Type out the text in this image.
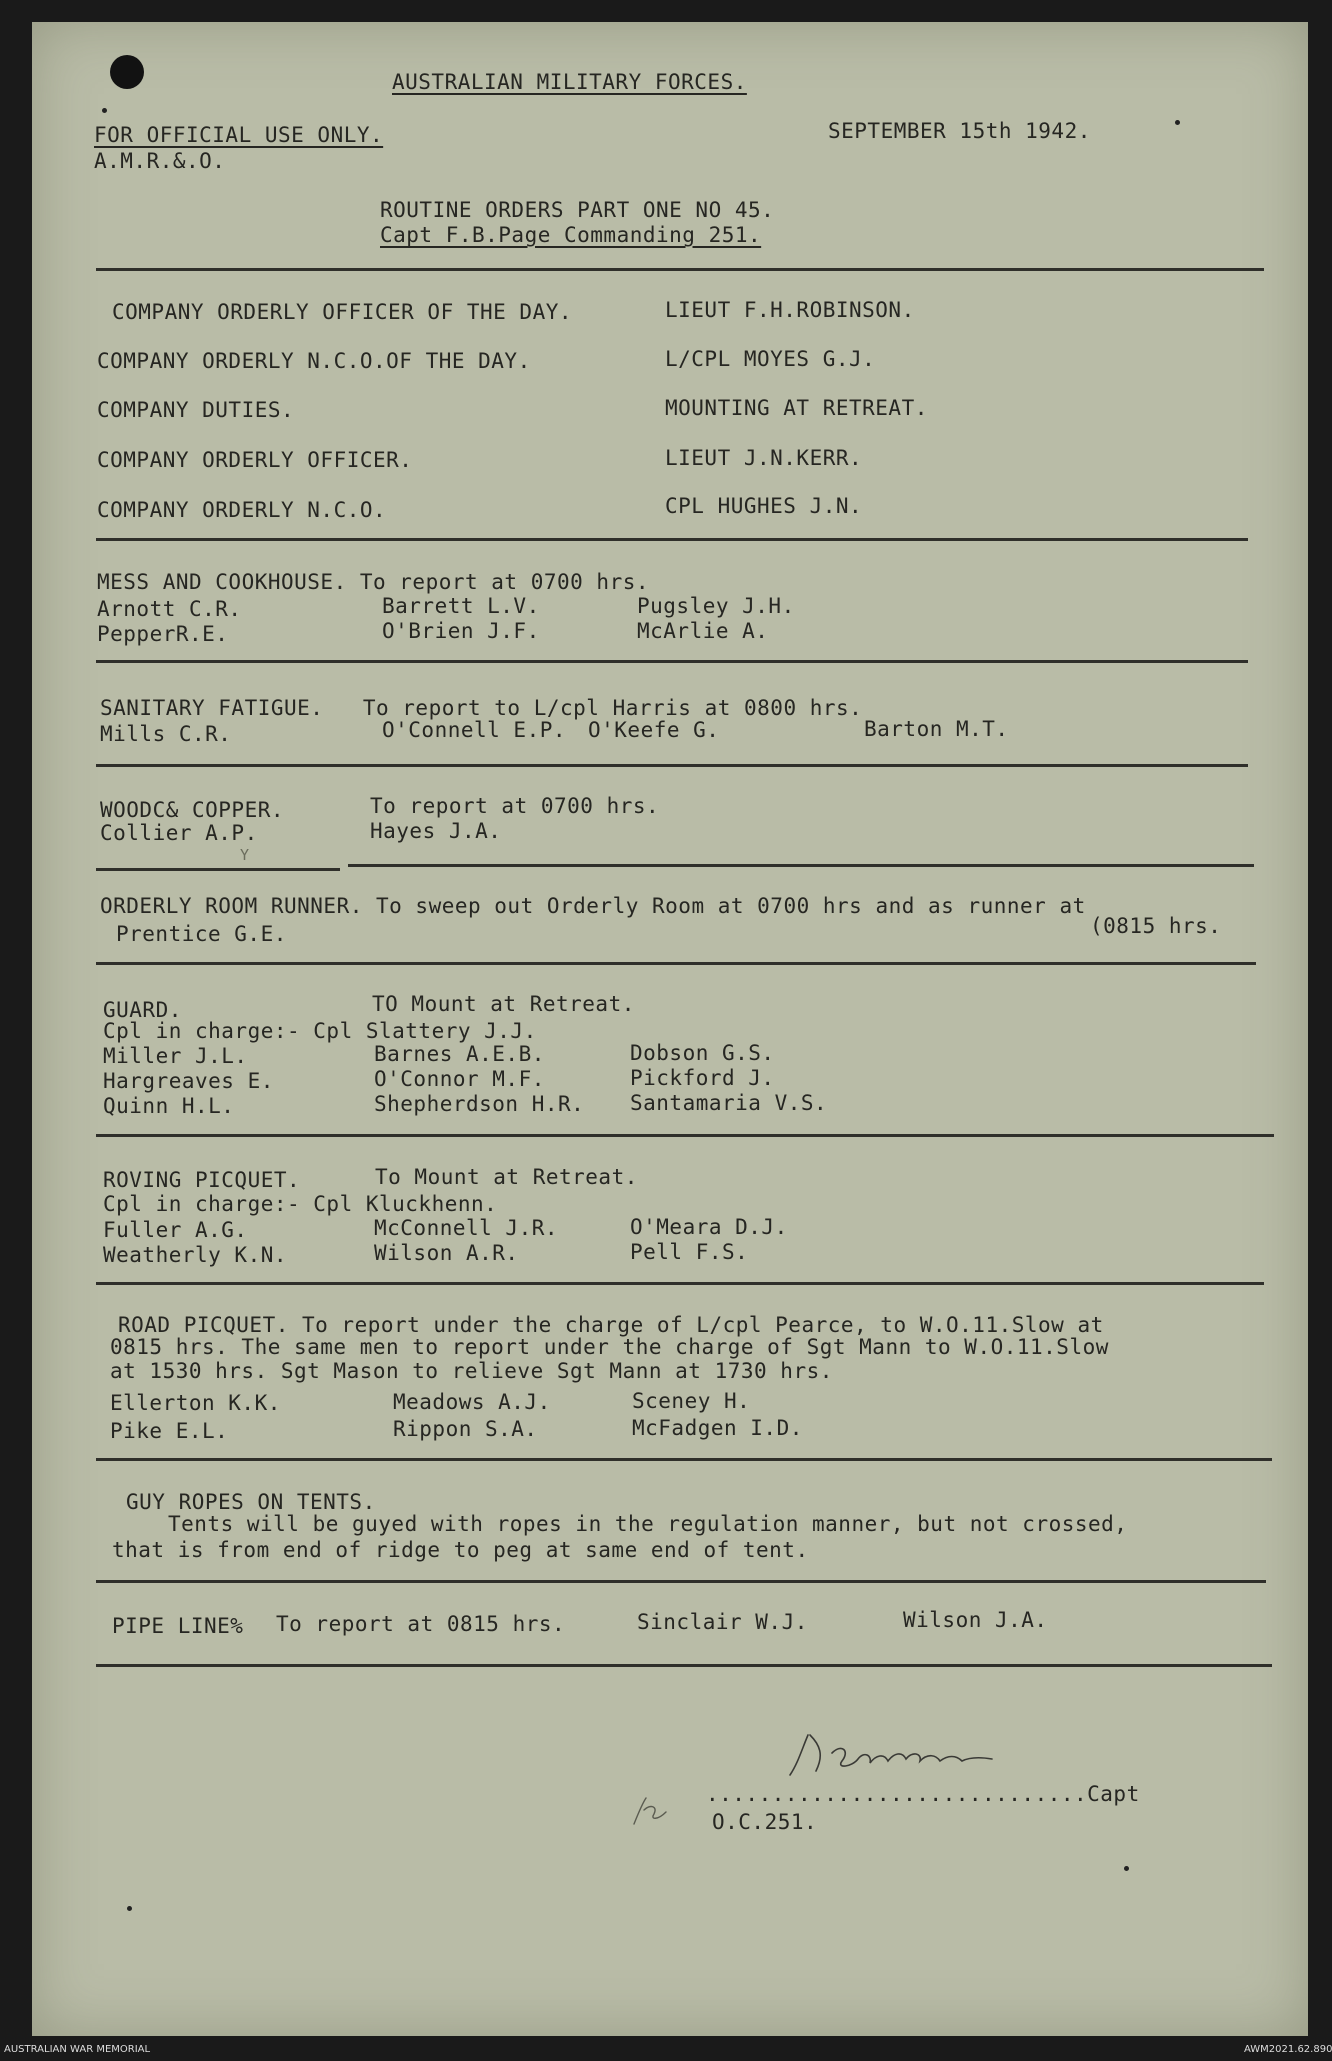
AUSTRALIAN MILITARY FORCES.
FOR OFFICIAL USE ONLY.	SEPTEMBER 15th 1942.
A.M.R.&.O.
ROUTINE ORDERS PART ONE NO 45.
Capt F.B.Page Commanding 251.
COMPANY ORDERLY OFFICER OF THE DAY.	LIEUT F.H.ROBINSON.
COMPANY ORDERLY N.C.O.OF THE DAY.	L/CPL MOYES G.J.
COMPANY DUTIES.	MOUNTING AT RETREAT.
COMPANY ORDERLY OFFICER.	LIEUT J.N.KERR.
COMPANY ORDERLY N.C.O.	CPL HUGHES J.N.
MESS AND COOKHOUSE. To report at 0700 hrs.
Arnott C.R.	Barrett L.V.	Pugsley J.H.
PepperR.E.	O'Brien J.F.	McArlie A.
SANITARY FATIGUE.   To report to L/cpl Harris at 0800 hrs.
Mills C.R.	O'Connell E.P. O'Keefe G.	Barton M.T.
WOODC& COPPER.	To report at 0700 hrs.
Collier A.P.	Hayes J.A.
Y
ORDERLY ROOM RUNNER. To sweep out Orderly Room at 0700 hrs and as runner at
Prentice G.E.	(0815 hrs.
GUARD.	TO Mount at Retreat.
Cpl in charge:- Cpl Slattery J.J.
Miller J.L.	Barnes A.E.B.	Dobson G.S.
Hargreaves E.	O'Connor M.F.	Pickford J.
Quinn H.L.	Shepherdson H.R. Santamaria V.S.
ROVING PICQUET.	To Mount at Retreat.
Cpl in charge:- Cpl Kluckhenn.
Fuller A.G.	McConnell J.R.	O'Meara D.J.
Weatherly K.N.	Wilson A.R.	Pell F.S.
ROAD PICQUET. To report under the charge of L/cpl Pearce, to W.O.11.Slow at
0815 hrs. The same men to report under the charge of Sgt Mann to W.O.11.Slow
at 1530 hrs. Sgt Mason to relieve Sgt Mann at 1730 hrs.
Ellerton K.K.	Meadows A.J.	Sceney H.
Pike E.L.	Rippon S.A.	McFadgen I.D.
GUY ROPES ON TENTS.
Tents will be guyed with ropes in the regulation manner, but not crossed,
that is from end of ridge to peg at same end of tent.
PIPE LINE% To report at 0815 hrs.	Sinclair W.J.	Wilson J.A.
.............................Capt
O.C.251.
AUSTRALIAN WAR MEMORIAL	AWM2021.62.890
